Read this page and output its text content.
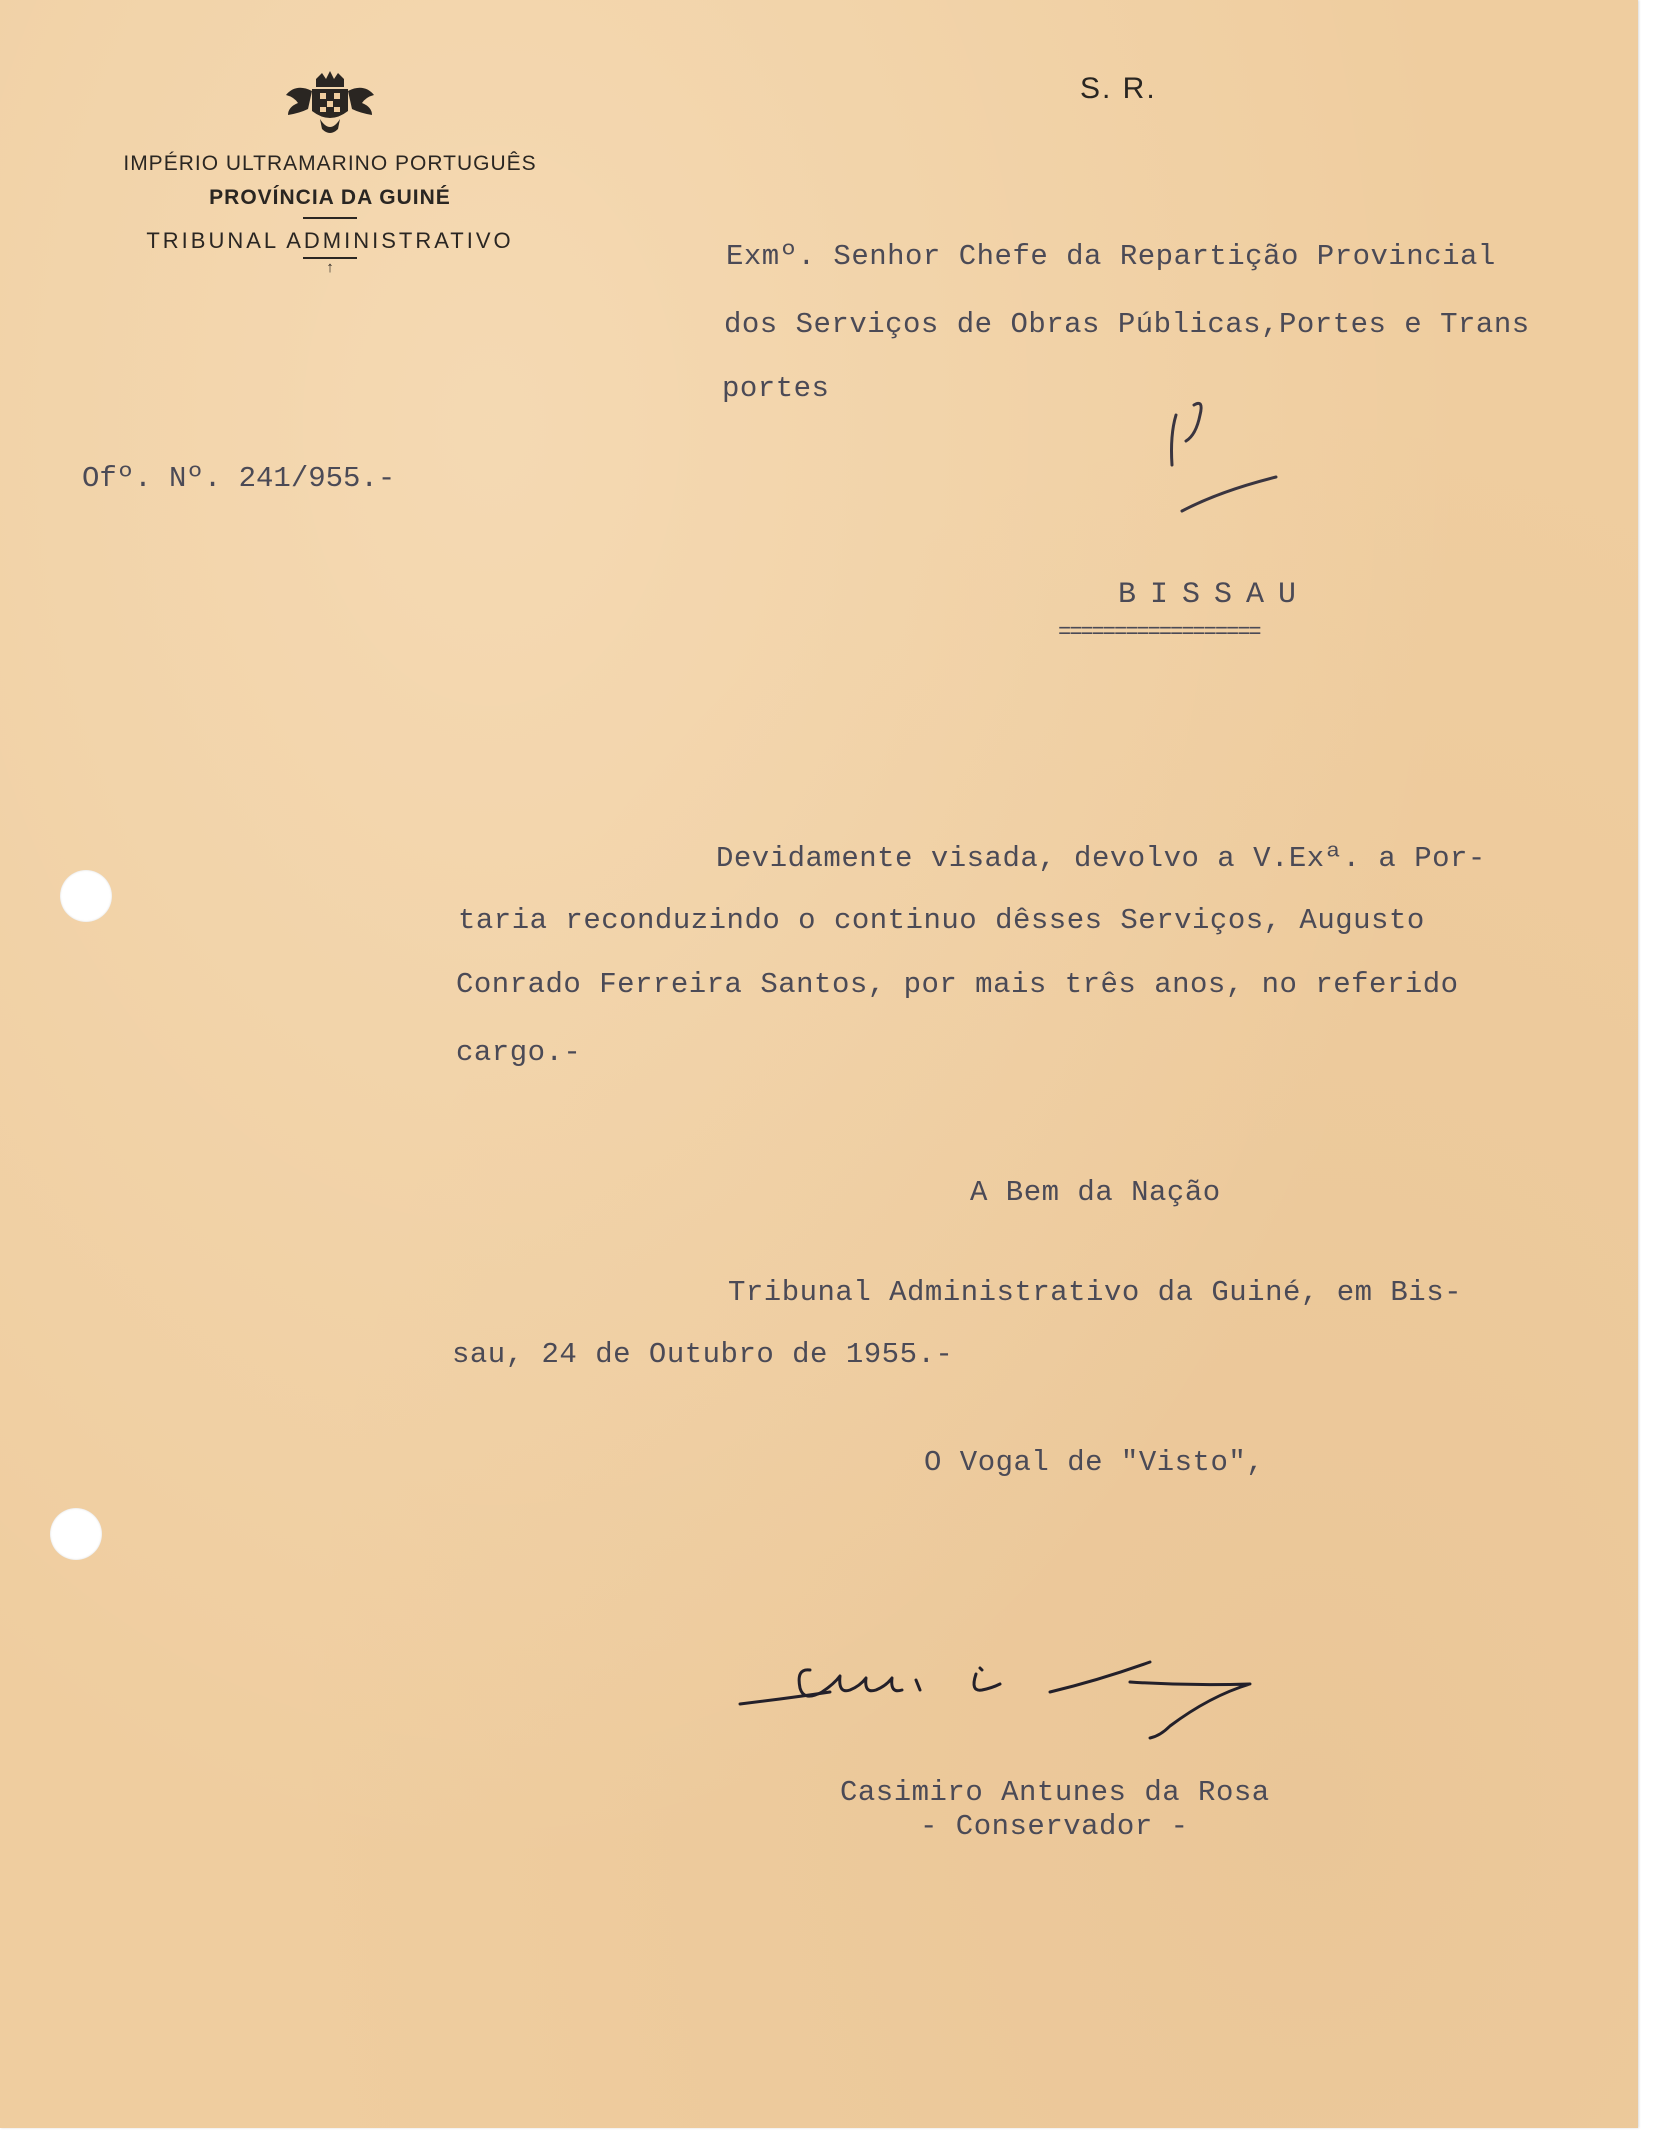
IMPÉRIO ULTRAMARINO PORTUGUÊS

PROVÍNCIA DA GUINÉ

TRIBUNAL ADMINISTRATIVO

↑
S. R.
Exmº. Senhor Chefe da Repartição Provincial
dos Serviços de Obras Públicas,Portes e Trans
portes
Ofº. Nº. 241/955.-
BISSAU
==================
Devidamente visada, devolvo a V.Exª. a Por-
taria reconduzindo o continuo dêsses Serviços, Augusto
Conrado Ferreira Santos, por mais três anos, no referido
cargo.-
A Bem da Nação
Tribunal Administrativo da Guiné, em Bis-
sau, 24 de Outubro de 1955.-
O Vogal de "Visto",
Casimiro Antunes da Rosa
- Conservador -
